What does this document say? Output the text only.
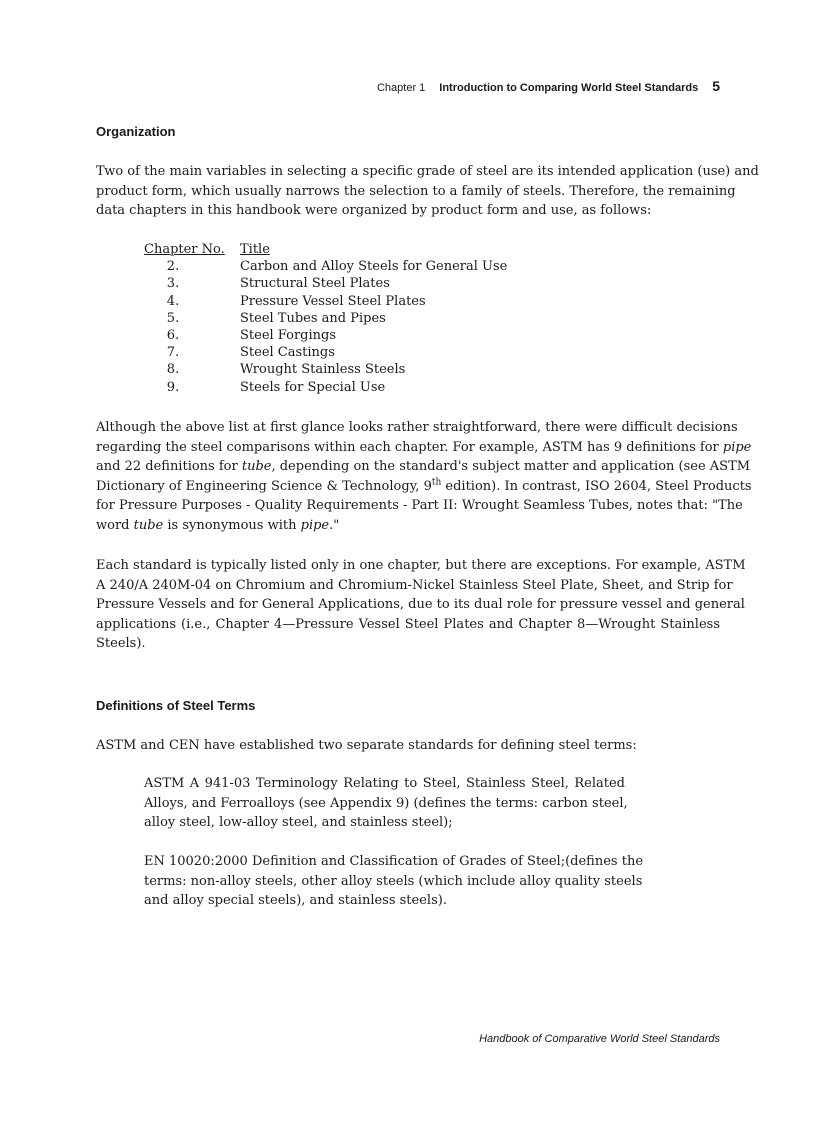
Chapter 1 Introduction to Comparing World Steel Standards 5
Organization
Two of the main variables in selecting a specific grade of steel are its intended application (use) and
product form, which usually narrows the selection to a family of steels. Therefore, the remaining
data chapters in this handbook were organized by product form and use, as follows:
Chapter No.	Title
2.	Carbon and Alloy Steels for General Use
3.	Structural Steel Plates
4.	Pressure Vessel Steel Plates
5.	Steel Tubes and Pipes
6.	Steel Forgings
7.	Steel Castings
8.	Wrought Stainless Steels
9.	Steels for Special Use
Although the above list at first glance looks rather straightforward, there were difficult decisions
regarding the steel comparisons within each chapter. For example, ASTM has 9 definitions for pipe
and 22 definitions for tube, depending on the standard's subject matter and application (see ASTM
Dictionary of Engineering Science & Technology, 9th edition). In contrast, ISO 2604, Steel Products
for Pressure Purposes - Quality Requirements - Part II: Wrought Seamless Tubes, notes that: "The
word tube is synonymous with pipe."
Each standard is typically listed only in one chapter, but there are exceptions. For example, ASTM
A 240/A 240M-04 on Chromium and Chromium-Nickel Stainless Steel Plate, Sheet, and Strip for
Pressure Vessels and for General Applications, due to its dual role for pressure vessel and general
applications (i.e., Chapter 4—Pressure Vessel Steel Plates and Chapter 8—Wrought Stainless
Steels).
Definitions of Steel Terms
ASTM and CEN have established two separate standards for defining steel terms:
ASTM A 941-03 Terminology Relating to Steel, Stainless Steel, Related
Alloys, and Ferroalloys (see Appendix 9) (defines the terms: carbon steel,
alloy steel, low-alloy steel, and stainless steel);
EN 10020:2000 Definition and Classification of Grades of Steel;(defines the
terms: non-alloy steels, other alloy steels (which include alloy quality steels
and alloy special steels), and stainless steels).
Handbook of Comparative World Steel Standards
